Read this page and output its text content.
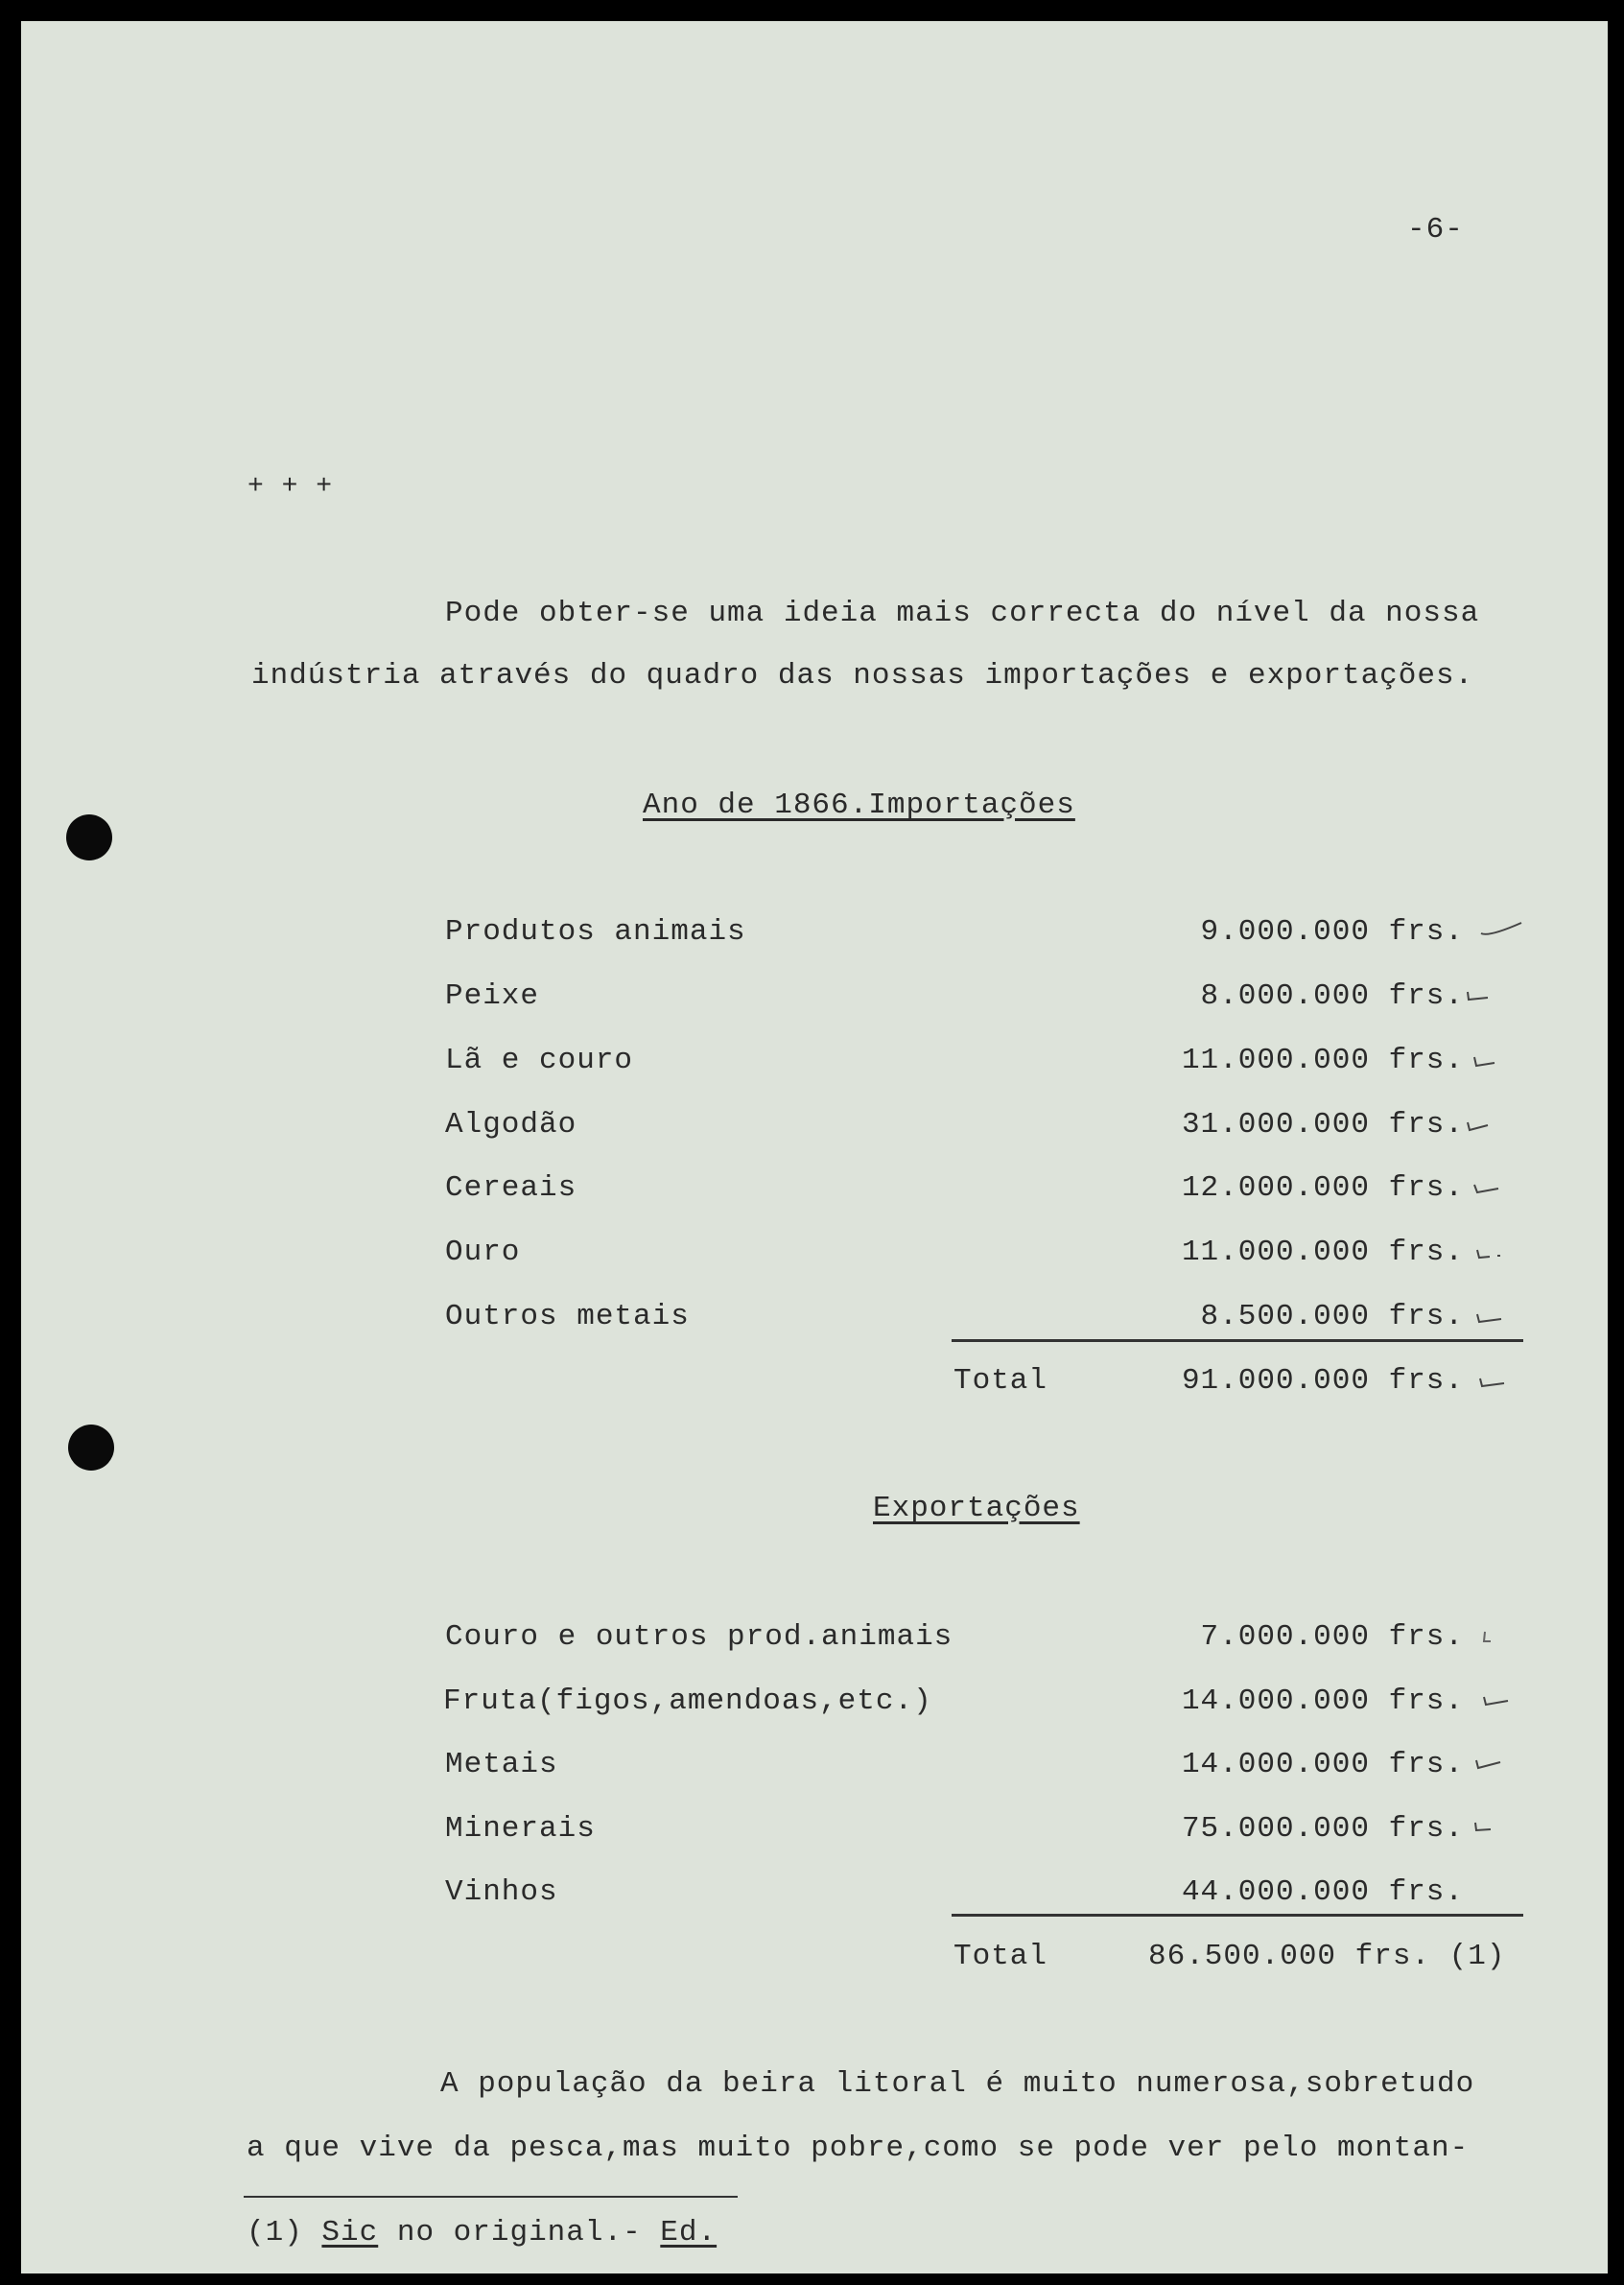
-6-
+ + +
Pode obter-se uma ideia mais correcta do nível da nossa
indústria através do quadro das nossas importações e exportações.
Ano de 1866.Importações
Produtos animais	9.000.000 frs.
Peixe	8.000.000 frs.
Lã e couro	11.000.000 frs.
Algodão	31.000.000 frs.
Cereais	12.000.000 frs.
Ouro	11.000.000 frs.
Outros metais	8.500.000 frs.
Total	91.000.000 frs.
Exportações
Couro e outros prod.animais	7.000.000 frs.
Fruta(figos,amendoas,etc.)	14.000.000 frs.
Metais	14.000.000 frs.
Minerais	75.000.000 frs.
Vinhos	44.000.000 frs.
Total	86.500.000 frs. (1)
A população da beira litoral é muito numerosa,sobretudo
a que vive da pesca,mas muito pobre,como se pode ver pelo montan-
(1) Sic no original.- Ed.
